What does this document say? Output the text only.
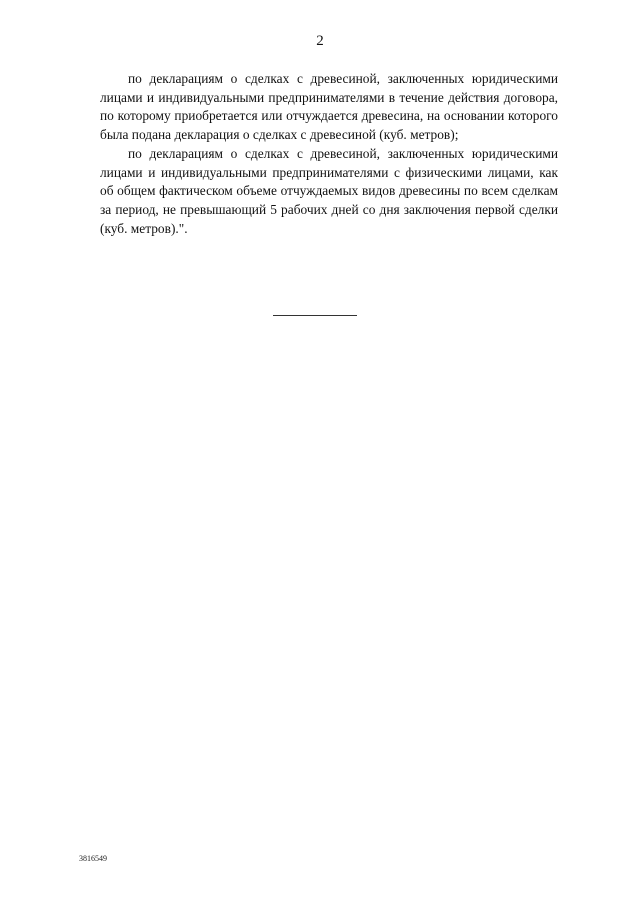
2

по декларациям о сделках с древесиной, заключенных юридическими лицами и индивидуальными предпринимателями в течение действия договора, по которому приобретается или отчуждается древесина, на основании которого была подана декларация о сделках с древесиной (куб. метров);

по декларациям о сделках с древесиной, заключенных юридическими лицами и индивидуальными предпринимателями с физическими лицами, как об общем фактическом объеме отчуждаемых видов древесины по всем сделкам за период, не превышающий 5 рабочих дней со дня заключения первой сделки (куб. метров).".

3816549
